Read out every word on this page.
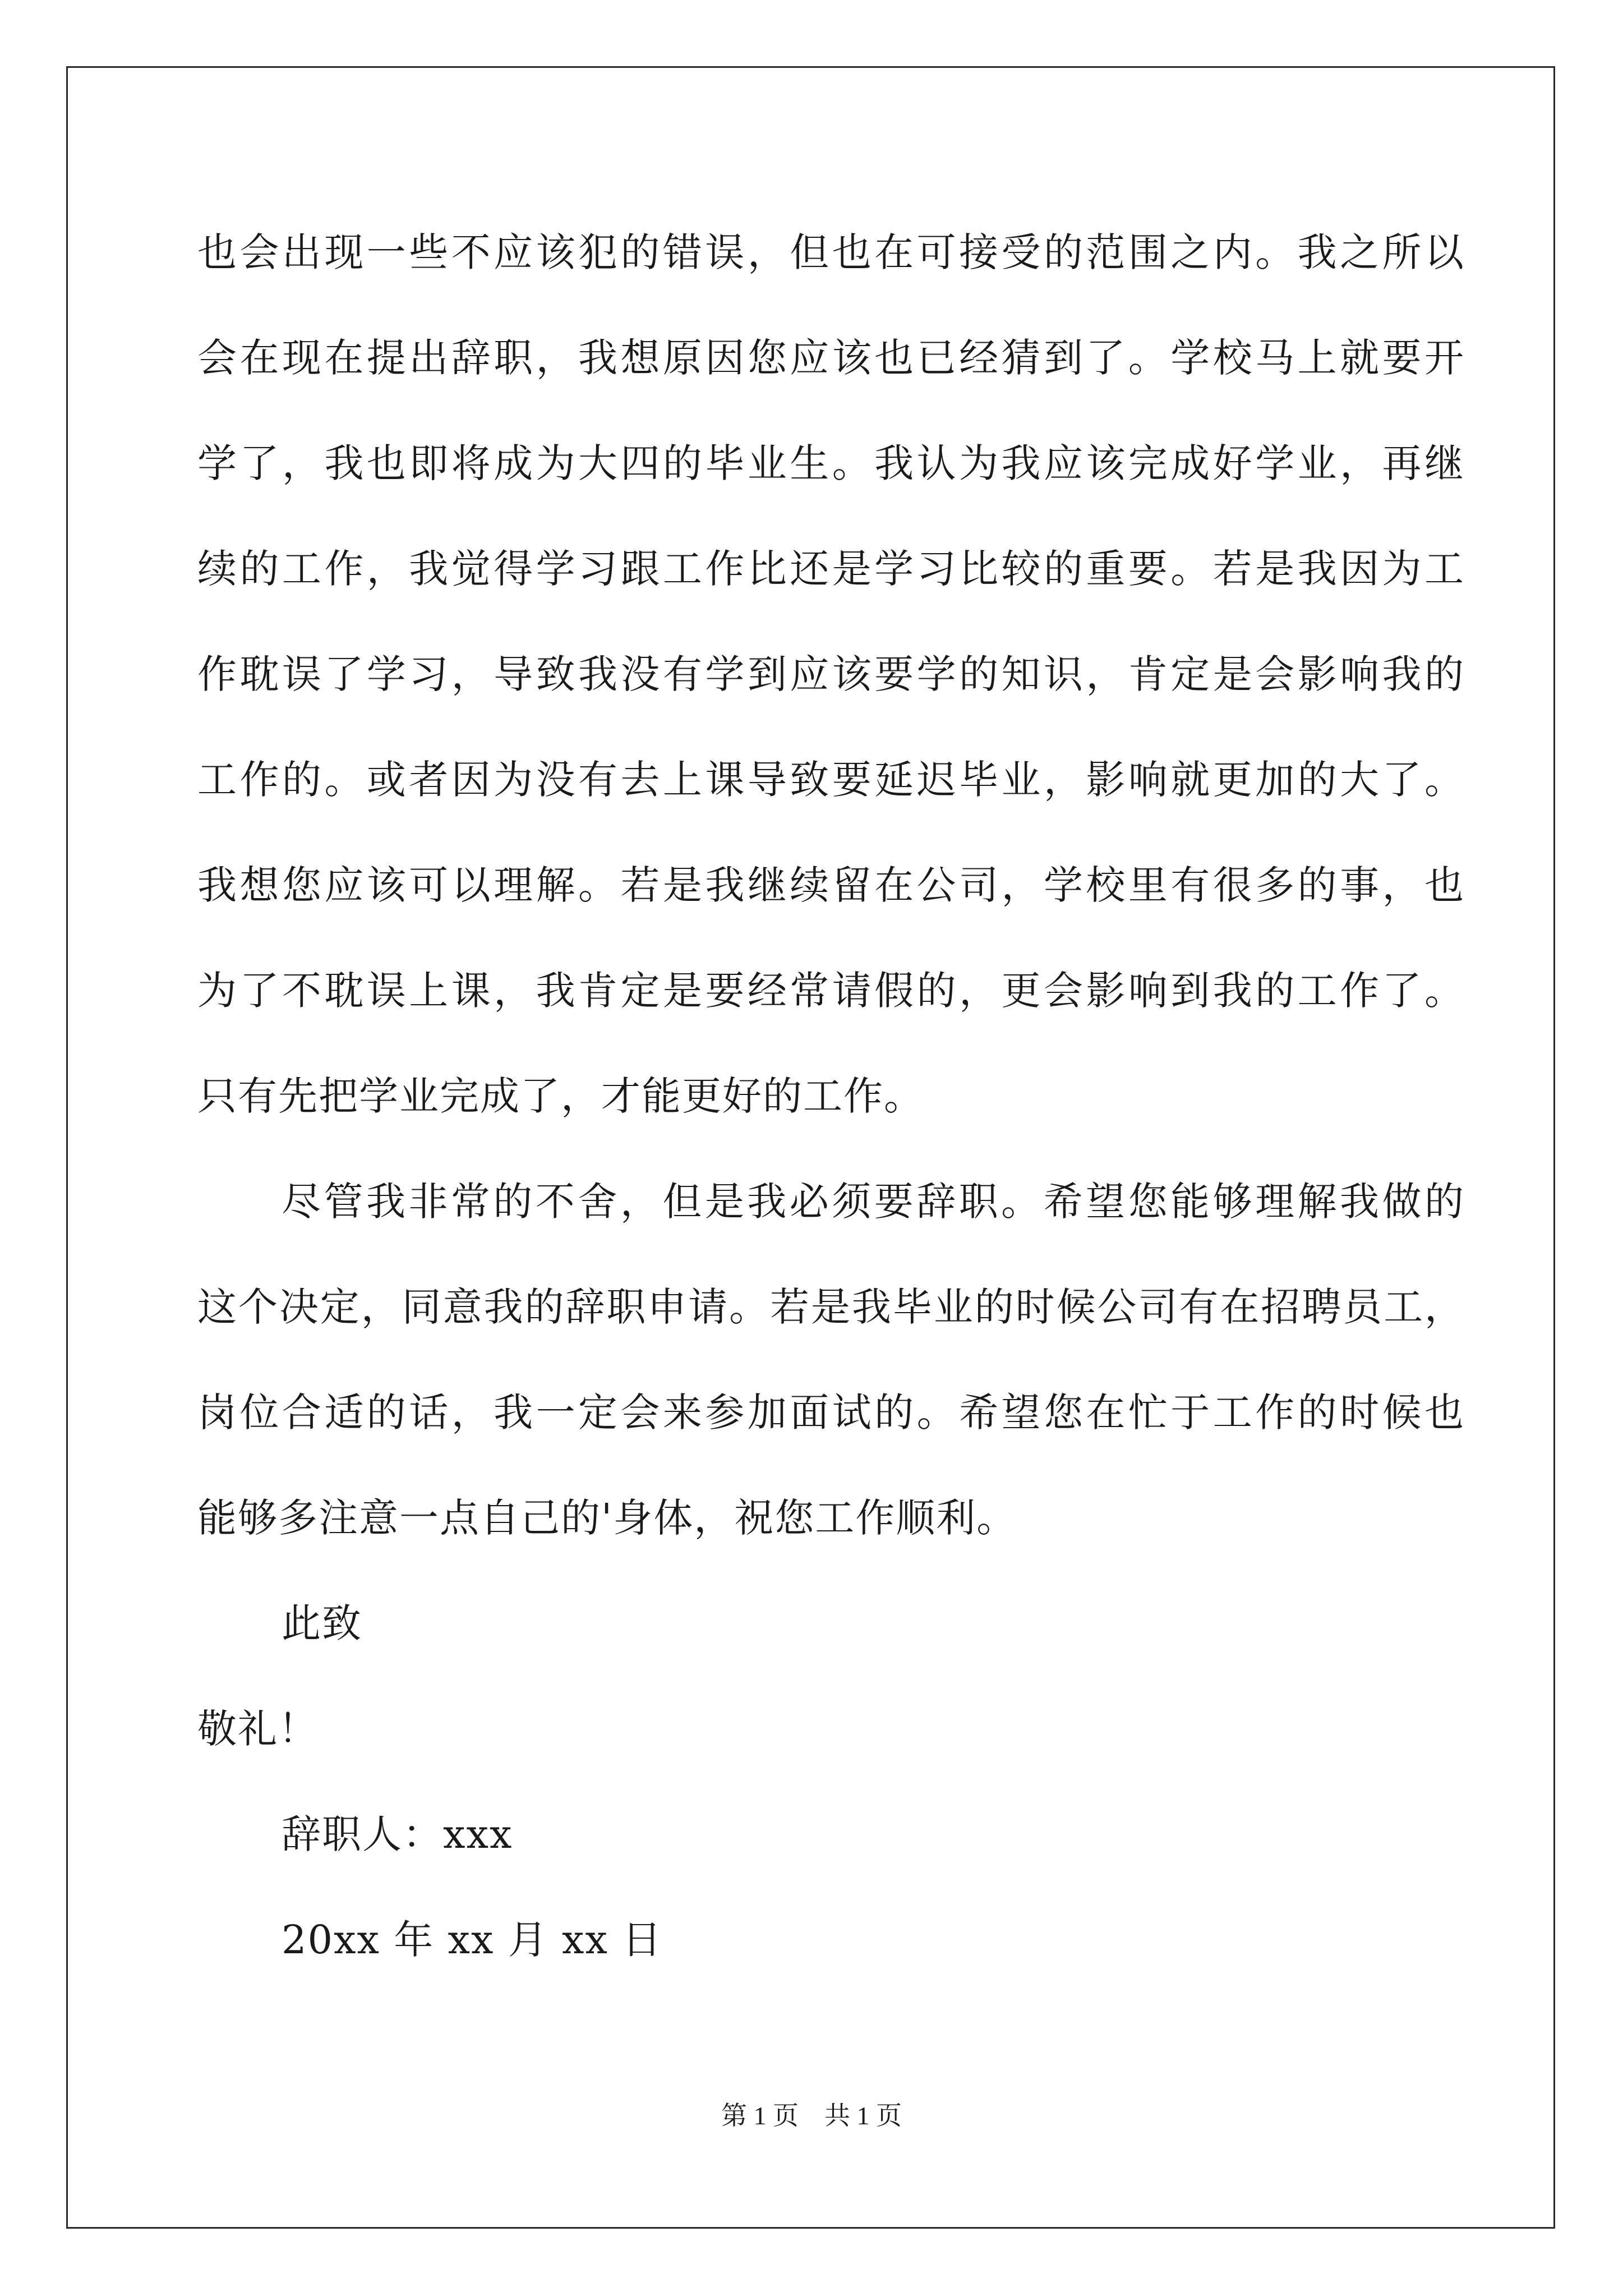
也会出现一些不应该犯的错误，但也在可接受的范围之内。我之所以
会在现在提出辞职，我想原因您应该也已经猜到了。学校马上就要开
学了，我也即将成为大四的毕业生。我认为我应该完成好学业，再继
续的工作，我觉得学习跟工作比还是学习比较的重要。若是我因为工
作耽误了学习，导致我没有学到应该要学的知识，肯定是会影响我的
工作的。或者因为没有去上课导致要延迟毕业，影响就更加的大了。
我想您应该可以理解。若是我继续留在公司，学校里有很多的事，也
为了不耽误上课，我肯定是要经常请假的，更会影响到我的工作了。
只有先把学业完成了，才能更好的工作。
尽管我非常的不舍，但是我必须要辞职。希望您能够理解我做的
这个决定，同意我的辞职申请。若是我毕业的时候公司有在招聘员工，
岗位合适的话，我一定会来参加面试的。希望您在忙于工作的时候也
能够多注意一点自己的'身体，祝您工作顺利。
此致
敬礼！
辞职人：xxx
20xx 年 xx 月 xx 日
第 1 页　共 1 页
